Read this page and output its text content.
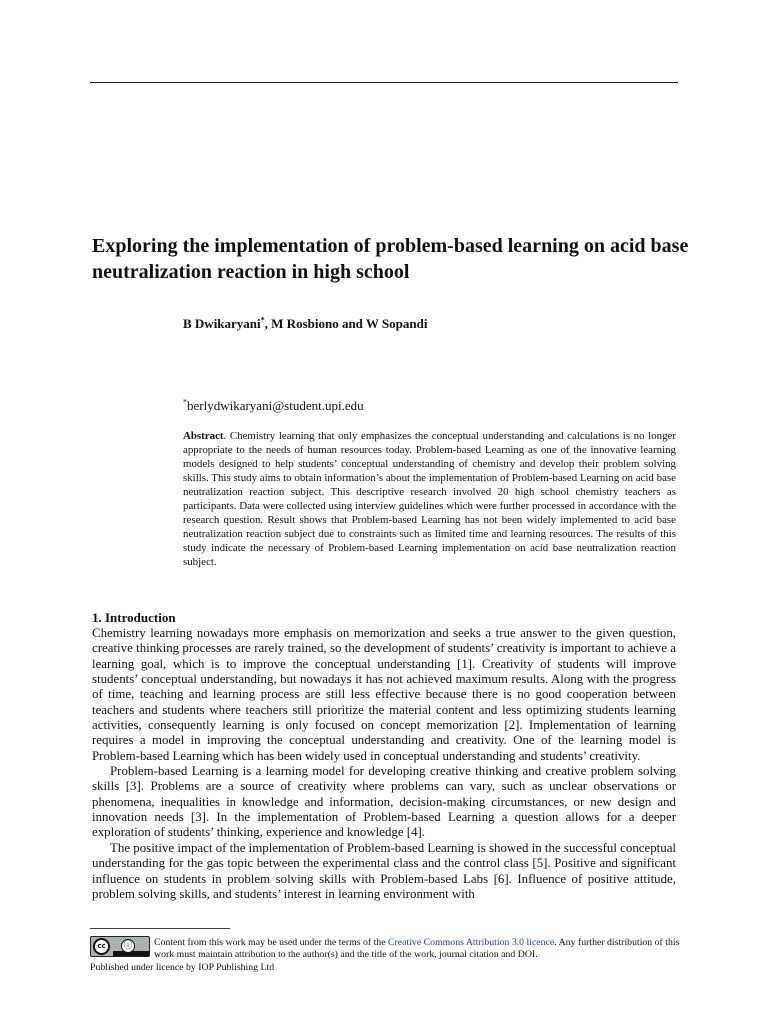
Exploring the implementation of problem-based learning on acid base neutralization reaction in high school
B Dwikaryani*, M Rosbiono and W Sopandi
*berlydwikaryani@student.upi.edu

Abstract. Chemistry learning that only emphasizes the conceptual understanding and calculations is no longer appropriate to the needs of human resources today. Problem-based Learning as one of the innovative learning models designed to help students’ conceptual understanding of chemistry and develop their problem solving skills. This study aims to obtain information’s about the implementation of Problem-based Learning on acid base neutralization reaction subject. This descriptive research involved 20 high school chemistry teachers as participants. Data were collected using interview guidelines which were further processed in accordance with the research question. Result shows that Problem-based Learning has not been widely implemented to acid base neutralization reaction subject due to constraints such as limited time and learning resources. The results of this study indicate the necessary of Problem-based Learning implementation on acid base neutralization reaction subject.

1. Introduction

Chemistry learning nowadays more emphasis on memorization and seeks a true answer to the given question, creative thinking processes are rarely trained, so the development of students’ creativity is important to achieve a learning goal, which is to improve the conceptual understanding [1]. Creativity of students will improve students’ conceptual understanding, but nowadays it has not achieved maximum results. Along with the progress of time, teaching and learning process are still less effective because there is no good cooperation between teachers and students where teachers still prioritize the material content and less optimizing students learning activities, consequently learning is only focused on concept memorization [2]. Implementation of learning requires a model in improving the conceptual understanding and creativity. One of the learning model is Problem-based Learning which has been widely used in conceptual understanding and students’ creativity.

Problem-based Learning is a learning model for developing creative thinking and creative problem solving skills [3]. Problems are a source of creativity where problems can vary, such as unclear observations or phenomena, inequalities in knowledge and information, decision-making circumstances, or new design and innovation needs [3]. In the implementation of Problem-based Learning a question allows for a deeper exploration of students’ thinking, experience and knowledge [4].

The positive impact of the implementation of Problem-based Learning is showed in the successful conceptual understanding for the gas topic between the experimental class and the control class [5]. Positive and significant influence on students in problem solving skills with Problem-based Labs [6]. Influence of positive attitude, problem solving skills, and students’ interest in learning environment with

cc	ⓘ Content from this work may be used under the terms of the Creative Commons Attribution 3.0 licence. Any further distribution of this work must maintain attribution to the author(s) and the title of the work, journal citation and DOI.
Published under licence by IOP Publishing Ltd
